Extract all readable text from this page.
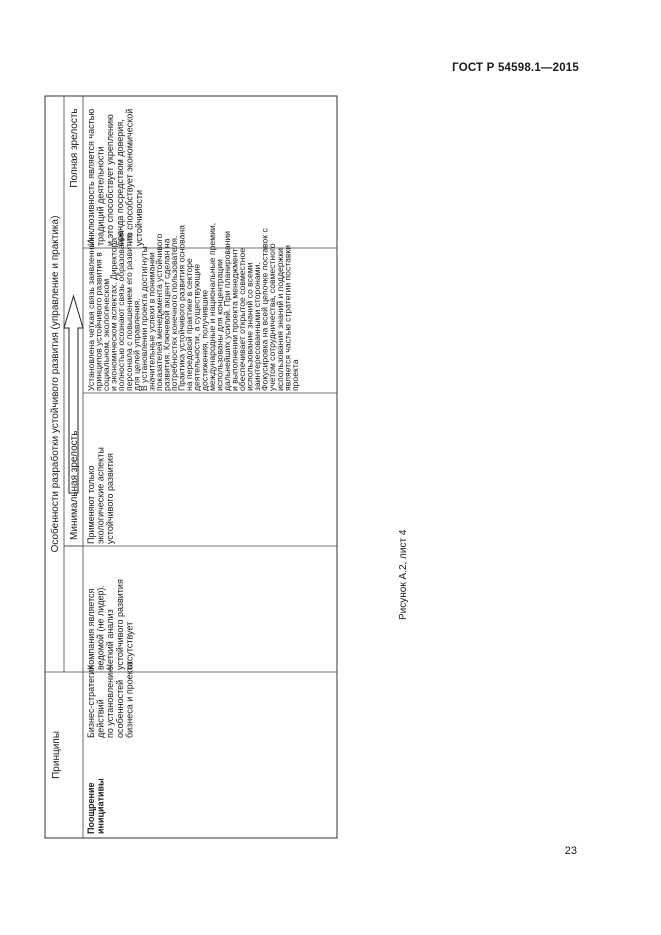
ГОСТ Р 54598.1—2015
Принципы
Особенности разработки устойчивого развития (управление и практика) Минимальная зрелость
Полная зрелость
Поощрение инициативы
Бизнес-стратегия действий по установлению особенностей бизнеса и проекта
Компания является ведомой (не лидер). Четкий анализ устойчивого развития отсутствует
Применяют только экологические аспекты устойчивого развития
Установлена четкая связь заявленных
принципов устойчивого развития в
социальном, экологическом
и экономическом аспектах. Директора
полностью осознают связь образования
персонала с повышением его развития
для целей управления.
В установлении проекта достигнуты
значительные успехи в понимании
показателей менеджмента устойчивого
развития. Ключевой акцент сделан на
потребностях конечного пользователя.
Практика устойчивого развития основана
на передовой практике в секторе
деятельности, а существующие
достижения, получившие
международные и национальные премии,
использованы для концентрации
дальнейших усилий. При планировании
и выполнении проекта менеджмент
обеспечивает открытое совместное
использование знаний со всеми
заинтересованными сторонами.
Фокусировка на всей цепочке поставок с
учетом сотрудничества, совместного
использования знаний и поддержки
является частью стратегии поставки
проекта
Инклюзивность является частью традиций деятельности и это способствует укреплению бренда посредством доверия, что способствует экономической устойчивости
Рисунок А.2, лист 4
23
